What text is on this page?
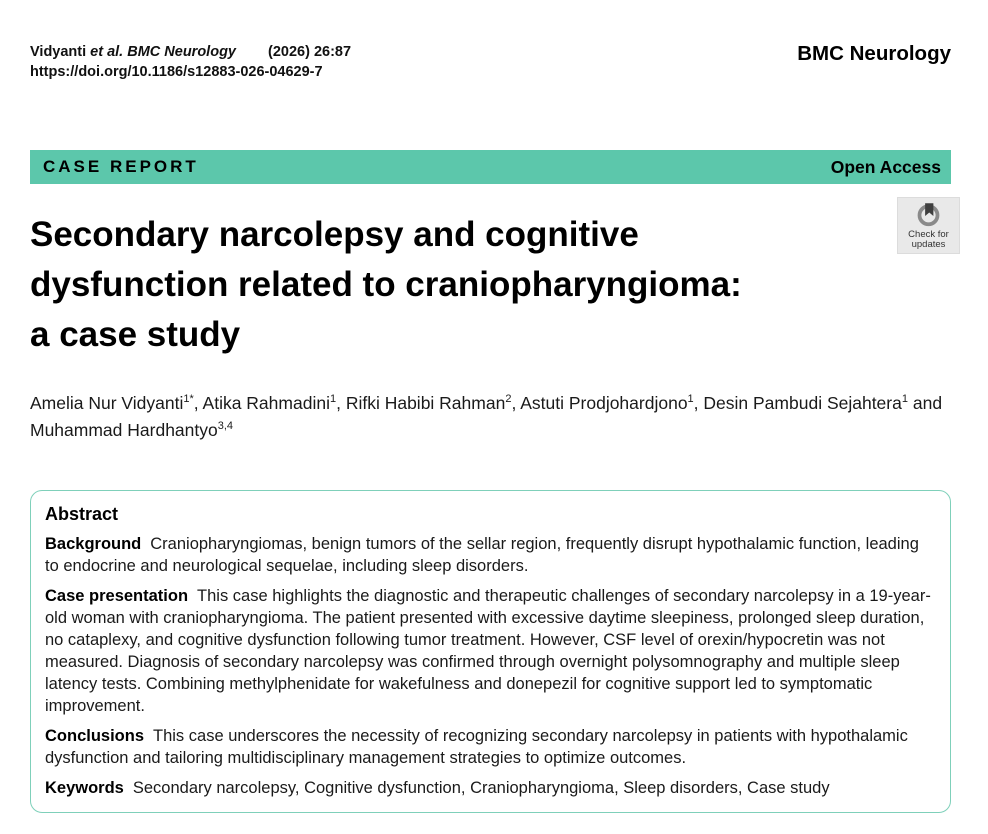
Vidyanti et al. BMC Neurology (2026) 26:87
https://doi.org/10.1186/s12883-026-04629-7
BMC Neurology
CASE REPORT	Open Access
Check for
updates
Secondary narcolepsy and cognitive
dysfunction related to craniopharyngioma:
a case study
Amelia Nur Vidyanti$^{1*}$, Atika Rahmadini$^1$, Rifki Habibi Rahman$^2$, Astuti Prodjohardjono$^1$, Desin Pambudi Sejahtera$^1$ and Muhammad Hardhantyo$^{3,4}$
Abstract

Background Craniopharyngiomas, benign tumors of the sellar region, frequently disrupt hypothalamic function, leading to endocrine and neurological sequelae, including sleep disorders.

Case presentation This case highlights the diagnostic and therapeutic challenges of secondary narcolepsy in a 19-year-old woman with craniopharyngioma. The patient presented with excessive daytime sleepiness, prolonged sleep duration, no cataplexy, and cognitive dysfunction following tumor treatment. However, CSF level of orexin/hypocretin was not measured. Diagnosis of secondary narcolepsy was confirmed through overnight polysomnography and multiple sleep latency tests. Combining methylphenidate for wakefulness and donepezil for cognitive support led to symptomatic improvement.

Conclusions This case underscores the necessity of recognizing secondary narcolepsy in patients with hypothalamic dysfunction and tailoring multidisciplinary management strategies to optimize outcomes.

Keywords Secondary narcolepsy, Cognitive dysfunction, Craniopharyngioma, Sleep disorders, Case study
